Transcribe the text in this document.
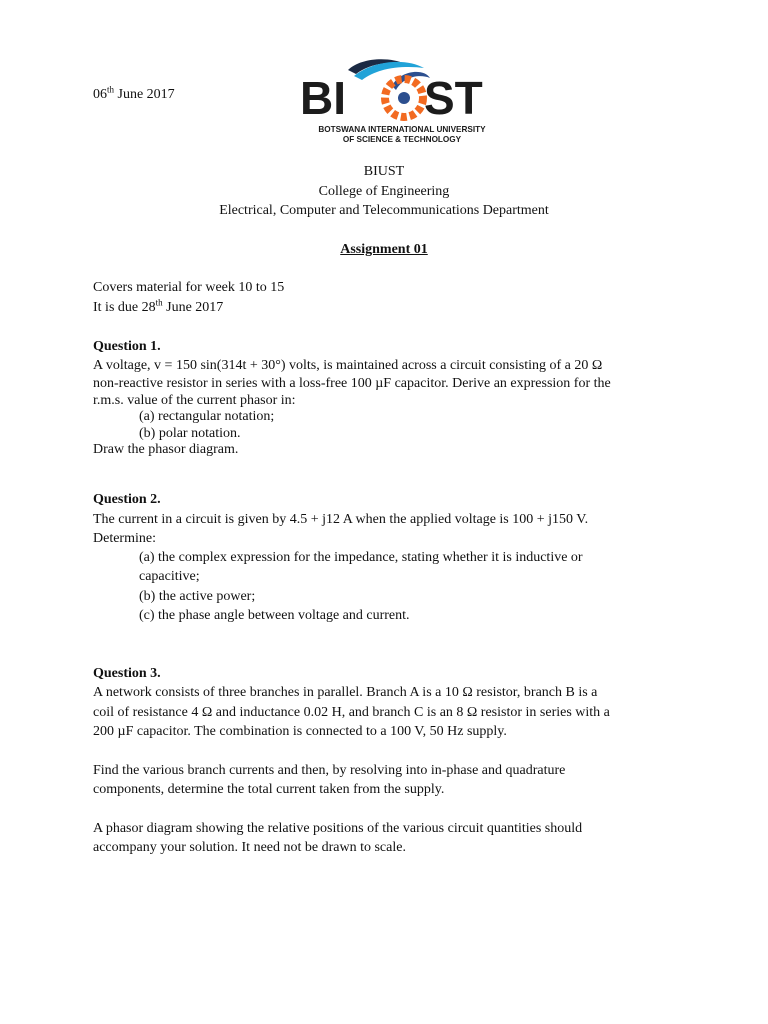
06th June 2017	BI ST
BOTSWANA INTERNATIONAL UNIVERSITY
OF SCIENCE & TECHNOLOGY
BIUST
College of Engineering
Electrical, Computer and Telecommunications Department
Assignment 01
Covers material for week 10 to 15
It is due 28th June 2017
Question 1.
A voltage, v = 150 sin(314t + 30°) volts, is maintained across a circuit consisting of a 20 Ω
non-reactive resistor in series with a loss-free 100 µF capacitor. Derive an expression for the
r.m.s. value of the current phasor in:
(a) rectangular notation;
(b) polar notation.
Draw the phasor diagram.
Question 2.
The current in a circuit is given by 4.5 + j12 A when the applied voltage is 100 + j150 V.
Determine:
(a) the complex expression for the impedance, stating whether it is inductive or
capacitive;
(b) the active power;
(c) the phase angle between voltage and current.
Question 3.
A network consists of three branches in parallel. Branch A is a 10 Ω resistor, branch B is a
coil of resistance 4 Ω and inductance 0.02 H, and branch C is an 8 Ω resistor in series with a
200 µF capacitor. The combination is connected to a 100 V, 50 Hz supply.
Find the various branch currents and then, by resolving into in-phase and quadrature
components, determine the total current taken from the supply.
A phasor diagram showing the relative positions of the various circuit quantities should
accompany your solution. It need not be drawn to scale.
